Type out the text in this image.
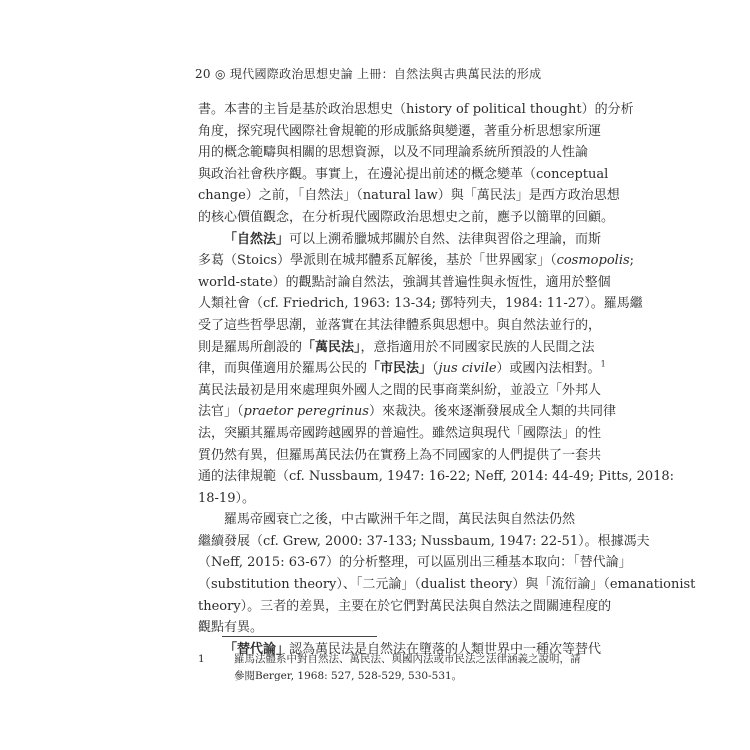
20 ◎ 現代國際政治思想史論 上冊：自然法與古典萬民法的形成
書。本書的主旨是基於政治思想史（history of political thought）的分析
角度，探究現代國際社會規範的形成脈絡與變遷，著重分析思想家所運
用的概念範疇與相關的思想資源，以及不同理論系統所預設的人性論
與政治社會秩序觀。事實上，在邊沁提出前述的概念變革（conceptual
change）之前，「自然法」（natural law）與「萬民法」是西方政治思想
的核心價值觀念，在分析現代國際政治思想史之前，應予以簡單的回顧。
「自然法」可以上溯希臘城邦關於自然、法律與習俗之理論，而斯
多葛（Stoics）學派則在城邦體系瓦解後，基於「世界國家」（cosmopolis;
world-state）的觀點討論自然法，強調其普遍性與永恆性，適用於整個
人類社會（cf. Friedrich, 1963: 13-34; 鄧特列夫，1984: 11-27）。羅馬繼
受了這些哲學思潮，並落實在其法律體系與思想中。與自然法並行的，
則是羅馬所創設的「萬民法」，意指適用於不同國家民族的人民間之法
律，而與僅適用於羅馬公民的「市民法」（jus civile）或國內法相對。$^1$
萬民法最初是用來處理與外國人之間的民事商業糾紛，並設立「外邦人
法官」（praetor peregrinus）來裁決。後來逐漸發展成全人類的共同律
法，突顯其羅馬帝國跨越國界的普遍性。雖然這與現代「國際法」的性
質仍然有異，但羅馬萬民法仍在實務上為不同國家的人們提供了一套共
通的法律規範（cf. Nussbaum, 1947: 16-22; Neff, 2014: 44-49; Pitts, 2018:
18-19）。
羅馬帝國衰亡之後，中古歐洲千年之間，萬民法與自然法仍然
繼續發展（cf. Grew, 2000: 37-133; Nussbaum, 1947: 22-51）。根據馮夫
（Neff, 2015: 63-67）的分析整理，可以區別出三種基本取向：「替代論」
（substitution theory）、「二元論」（dualist theory）與「流衍論」（emanationist
theory）。三者的差異，主要在於它們對萬民法與自然法之間關連程度的
觀點有異。
「替代論」認為萬民法是自然法在墮落的人類世界中一種次等替代
1	羅馬法體系中對自然法、萬民法、與國內法或市民法之法律涵義之說明，請
參閱Berger, 1968: 527, 528-529, 530-531。
